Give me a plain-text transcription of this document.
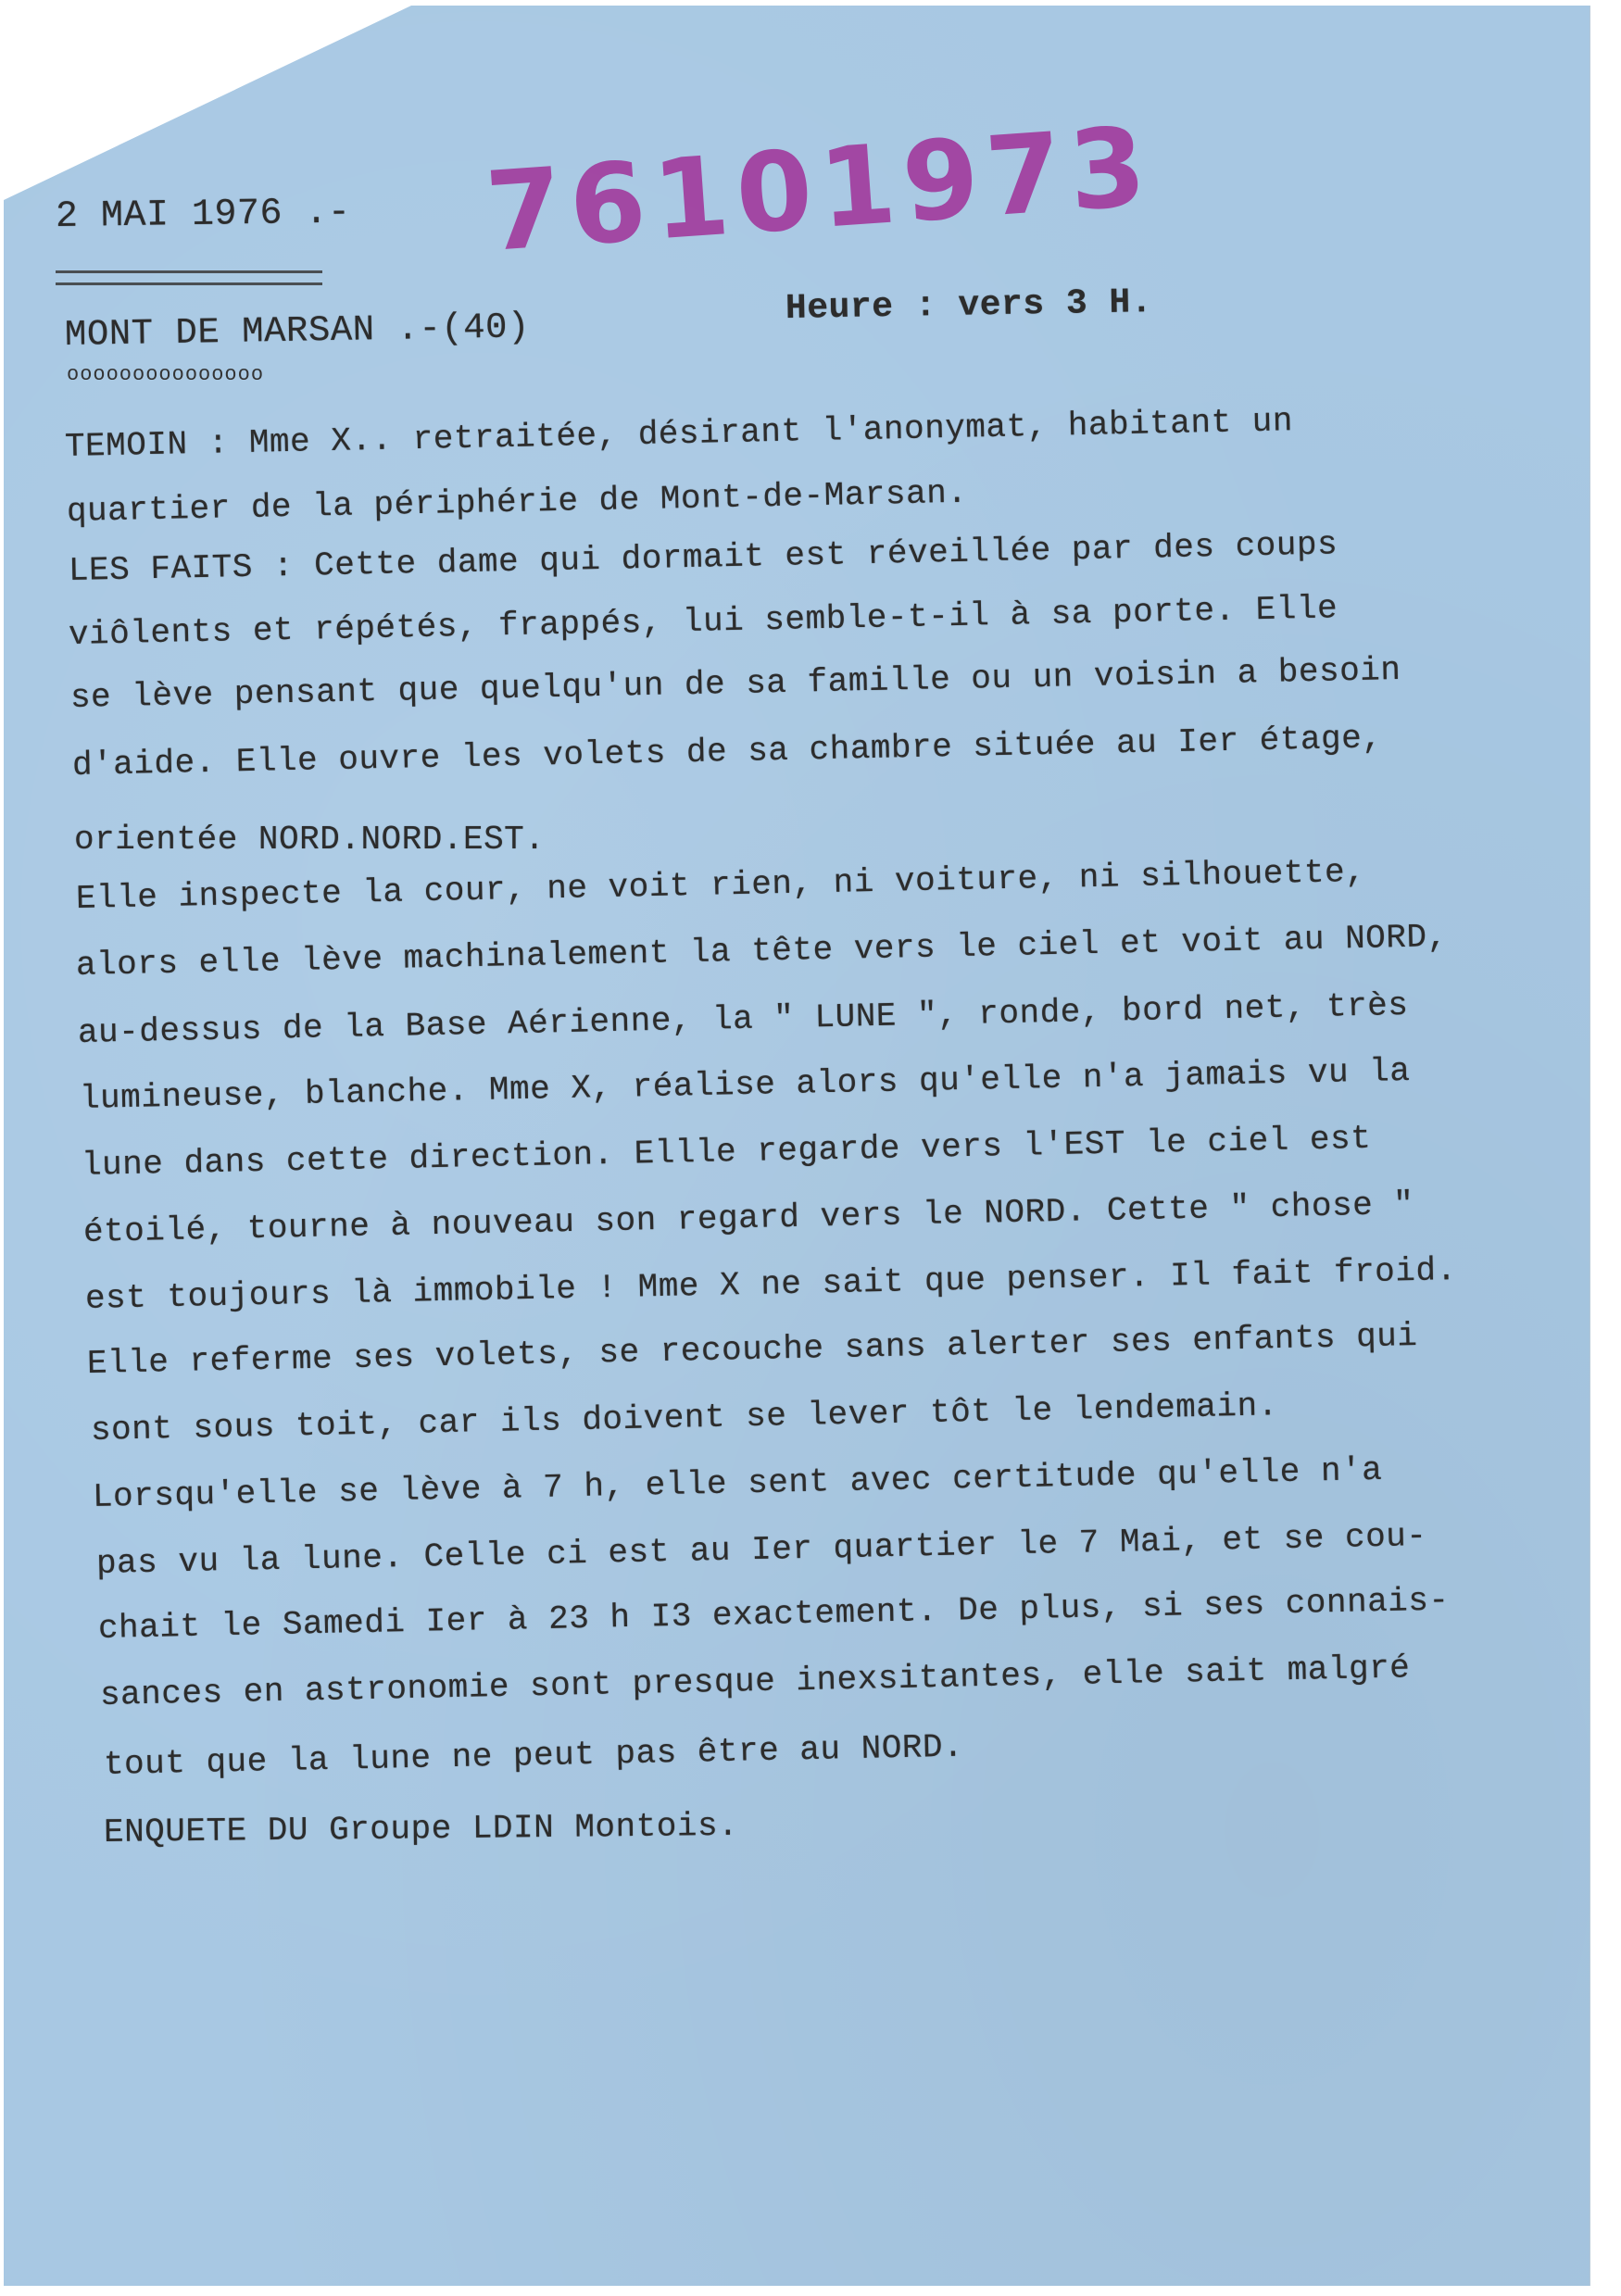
2 MAI 1976 .-
MONT DE MARSAN .-(40)
ooooooooooooooo
Heure : vers 3 H.
76101973
TEMOIN : Mme X.. retraitée, désirant l'anonymat, habitant un
quartier de la périphérie de Mont-de-Marsan.
LES FAITS : Cette dame qui dormait est réveillée par des coups
viôlents et répétés, frappés, lui semble-t-il à sa porte. Elle
se lève pensant que quelqu'un de sa famille ou un voisin a besoin
d'aide. Elle ouvre les volets de sa chambre située au Ier étage,
orientée NORD.NORD.EST.
Elle inspecte la cour, ne voit rien, ni voiture, ni silhouette,
alors elle lève machinalement la tête vers le ciel et voit au NORD,
au-dessus de la Base Aérienne, la " LUNE ", ronde, bord net, très
lumineuse, blanche. Mme X, réalise alors qu'elle n'a jamais vu la
lune dans cette direction. Ellle regarde vers l'EST le ciel est
étoilé, tourne à nouveau son regard vers le NORD. Cette " chose "
est toujours là immobile ! Mme X ne sait que penser. Il fait froid.
Elle referme ses volets, se recouche sans alerter ses enfants qui
sont sous toit, car ils doivent se lever tôt le lendemain.
Lorsqu'elle se lève à 7 h, elle sent avec certitude qu'elle n'a
pas vu la lune. Celle ci est au Ier quartier le 7 Mai, et se cou-
chait le Samedi Ier à 23 h I3 exactement. De plus, si ses connais-
sances en astronomie sont presque inexsitantes, elle sait malgré
tout que la lune ne peut pas être au NORD.
ENQUETE DU Groupe LDIN Montois.
